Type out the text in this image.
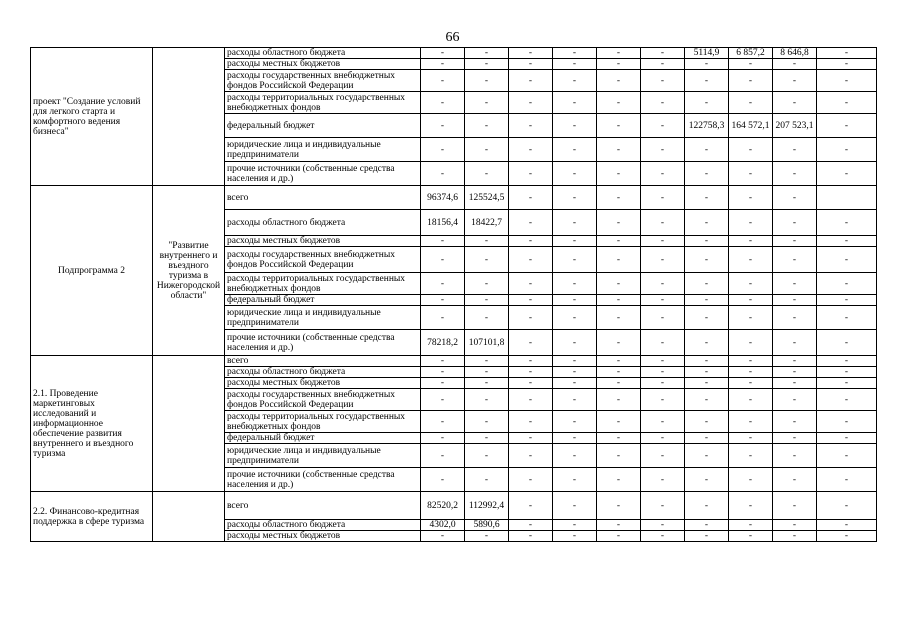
66
проект "Создание условий для легкого старта и комфортного ведения бизнеса"		расходы областного бюджета	-	-	-	-	-	-	5114,9	6 857,2	8 646,8	-
		расходы местных бюджетов	-	-	-	-	-	-	-	-	-	-
		расходы государственных внебюджетных фондов Российской Федерации	-	-	-	-	-	-	-	-	-	-
		расходы территориальных государственных внебюджетных фондов	-	-	-	-	-	-	-	-	-	-
		федеральный бюджет	-	-	-	-	-	-	122758,3	164 572,1	207 523,1	-
		юридические лица и индивидуальные предприниматели	-	-	-	-	-	-	-	-	-	-
		прочие источники (собственные средства населения и др.)	-	-	-	-	-	-	-	-	-	-
Подпрограмма 2	"Развитие внутреннего и въездного туризма в Нижегородской области"	всего	96374,6	125524,5	-	-	-	-	-	-	-	
		расходы областного бюджета	18156,4	18422,7	-	-	-	-	-	-	-	-
		расходы местных бюджетов	-	-	-	-	-	-	-	-	-	-
		расходы государственных внебюджетных фондов Российской Федерации	-	-	-	-	-	-	-	-	-	-
		расходы территориальных государственных внебюджетных фондов	-	-	-	-	-	-	-	-	-	-
		федеральный бюджет	-	-	-	-	-	-	-	-	-	-
		юридические лица и индивидуальные предприниматели	-	-	-	-	-	-	-	-	-	-
		прочие источники (собственные средства населения и др.)	78218,2	107101,8	-	-	-	-	-	-	-	-
2.1. Проведение маркетинговых исследований и информационное обеспечение развития внутреннего и въездного туризма		всего	-	-	-	-	-	-	-	-	-	-
		расходы областного бюджета	-	-	-	-	-	-	-	-	-	-
		расходы местных бюджетов	-	-	-	-	-	-	-	-	-	-
		расходы государственных внебюджетных фондов Российской Федерации	-	-	-	-	-	-	-	-	-	-
		расходы территориальных государственных внебюджетных фондов	-	-	-	-	-	-	-	-	-	-
		федеральный бюджет	-	-	-	-	-	-	-	-	-	-
		юридические лица и индивидуальные предприниматели	-	-	-	-	-	-	-	-	-	-
		прочие источники (собственные средства населения и др.)	-	-	-	-	-	-	-	-	-	-
2.2. Финансово-кредитная поддержка в сфере туризма		всего	82520,2	112992,4	-	-	-	-	-	-	-	-
		расходы областного бюджета	4302,0	5890,6	-	-	-	-	-	-	-	-
		расходы местных бюджетов	-	-	-	-	-	-	-	-	-	-
